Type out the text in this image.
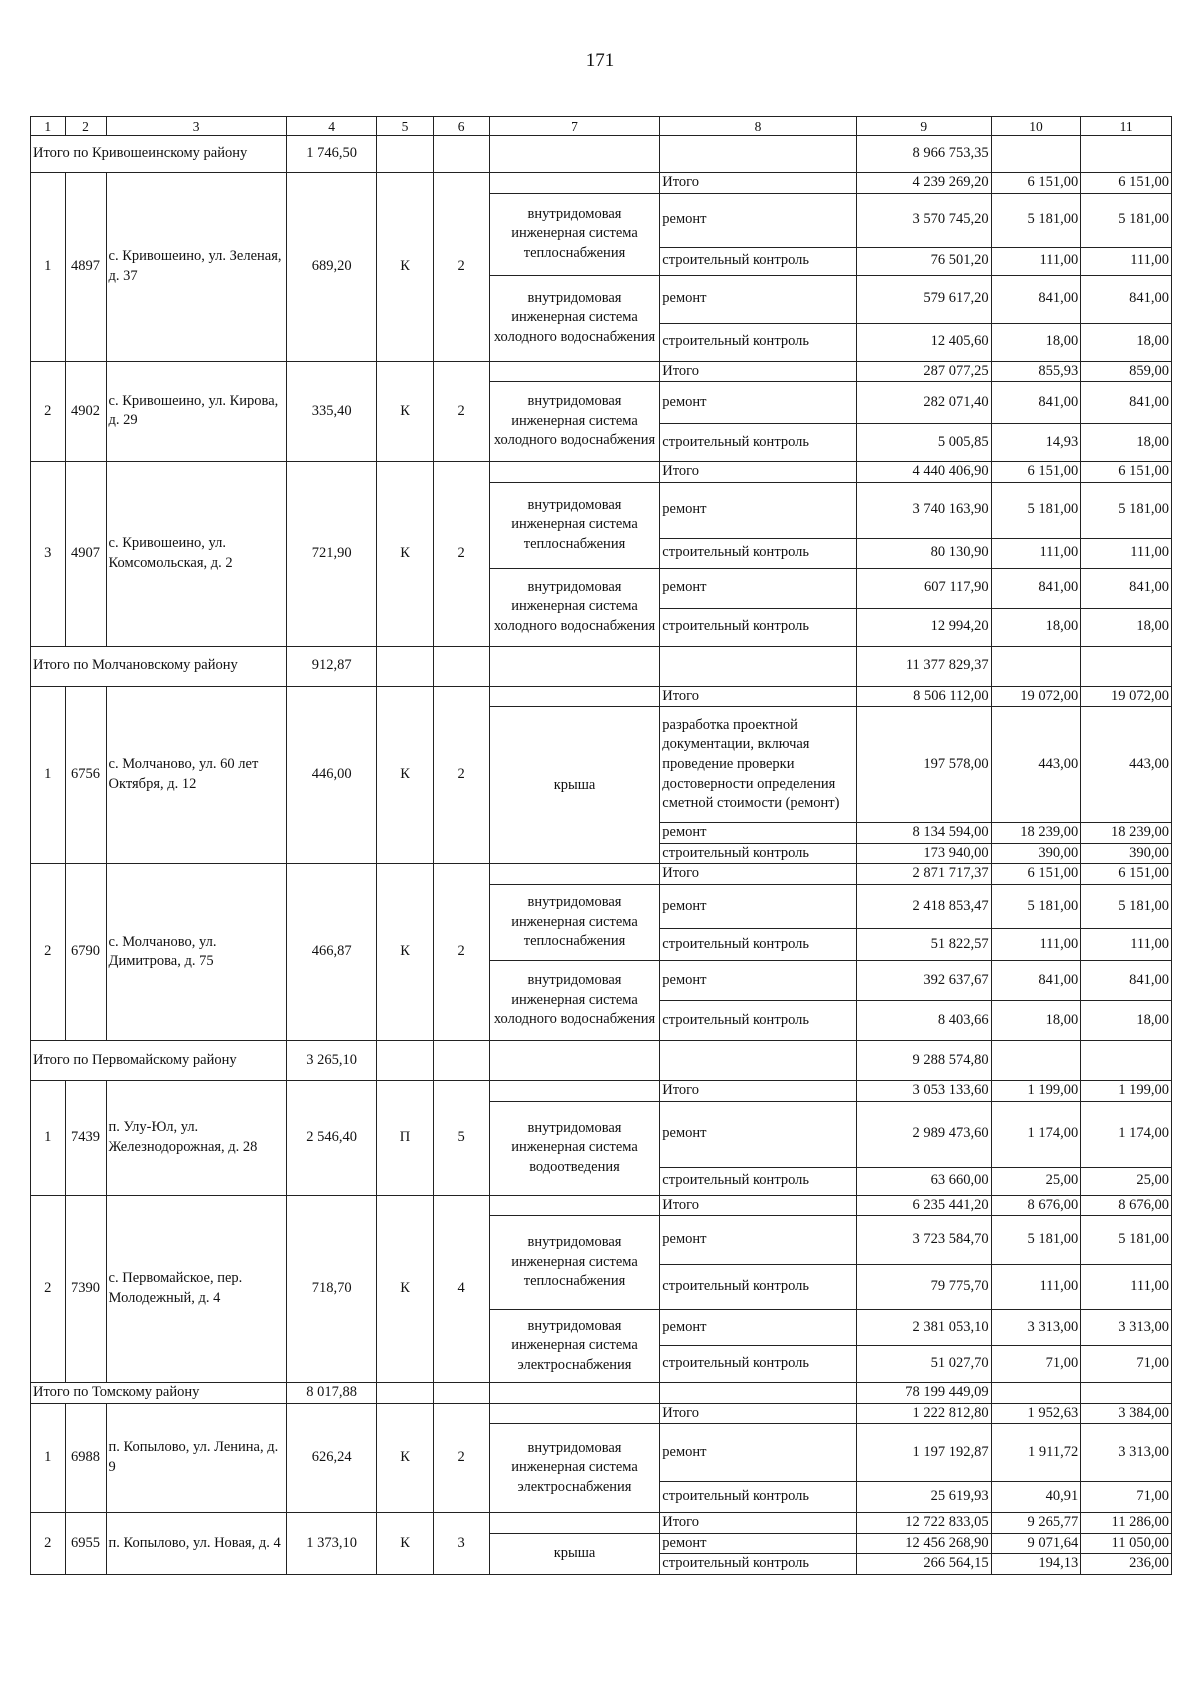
171
1	2	3	4	5	6	7	8	9	10	11
Итого по Кривошеинскому району			1 746,50					8 966 753,35		
1	4897	с. Кривошеино, ул. Зеленая, д. 37	689,20	К	2		Итого	4 239 269,20	6 151,00	6 151,00
						внутридомовая инженерная система теплоснабжения	ремонт	3 570 745,20	5 181,00	5 181,00
							строительный контроль	76 501,20	111,00	111,00
						внутридомовая инженерная система холодного водоснабжения	ремонт	579 617,20	841,00	841,00
							строительный контроль	12 405,60	18,00	18,00
2	4902	с. Кривошеино, ул. Кирова, д. 29	335,40	К	2		Итого	287 077,25	855,93	859,00
						внутридомовая инженерная система холодного водоснабжения	ремонт	282 071,40	841,00	841,00
							строительный контроль	5 005,85	14,93	18,00
3	4907	с. Кривошеино, ул. Комсомольская, д. 2	721,90	К	2		Итого	4 440 406,90	6 151,00	6 151,00
						внутридомовая инженерная система теплоснабжения	ремонт	3 740 163,90	5 181,00	5 181,00
							строительный контроль	80 130,90	111,00	111,00
						внутридомовая инженерная система холодного водоснабжения	ремонт	607 117,90	841,00	841,00
							строительный контроль	12 994,20	18,00	18,00
Итого по Молчановскому району			912,87					11 377 829,37		
1	6756	с. Молчаново, ул. 60 лет Октября, д. 12	446,00	К	2		Итого	8 506 112,00	19 072,00	19 072,00
						крыша	разработка проектной документации, включая проведение проверки достоверности определения сметной стоимости (ремонт)	197 578,00	443,00	443,00
							ремонт	8 134 594,00	18 239,00	18 239,00
							строительный контроль	173 940,00	390,00	390,00
2	6790	с. Молчаново, ул. Димитрова, д. 75	466,87	К	2		Итого	2 871 717,37	6 151,00	6 151,00
						внутридомовая инженерная система теплоснабжения	ремонт	2 418 853,47	5 181,00	5 181,00
							строительный контроль	51 822,57	111,00	111,00
						внутридомовая инженерная система холодного водоснабжения	ремонт	392 637,67	841,00	841,00
							строительный контроль	8 403,66	18,00	18,00
Итого по Первомайскому району			3 265,10					9 288 574,80		
1	7439	п. Улу-Юл, ул. Железнодорожная, д. 28	2 546,40	П	5		Итого	3 053 133,60	1 199,00	1 199,00
						внутридомовая инженерная система водоотведения	ремонт	2 989 473,60	1 174,00	1 174,00
							строительный контроль	63 660,00	25,00	25,00
2	7390	с. Первомайское, пер. Молодежный, д. 4	718,70	К	4		Итого	6 235 441,20	8 676,00	8 676,00
						внутридомовая инженерная система теплоснабжения	ремонт	3 723 584,70	5 181,00	5 181,00
							строительный контроль	79 775,70	111,00	111,00
						внутридомовая инженерная система электроснабжения	ремонт	2 381 053,10	3 313,00	3 313,00
							строительный контроль	51 027,70	71,00	71,00
Итого по Томскому району			8 017,88					78 199 449,09		
1	6988	п. Копылово, ул. Ленина, д. 9	626,24	К	2		Итого	1 222 812,80	1 952,63	3 384,00
						внутридомовая инженерная система электроснабжения	ремонт	1 197 192,87	1 911,72	3 313,00
							строительный контроль	25 619,93	40,91	71,00
2	6955	п. Копылово, ул. Новая, д. 4	1 373,10	К	3		Итого	12 722 833,05	9 265,77	11 286,00
						крыша	ремонт	12 456 268,90	9 071,64	11 050,00
							строительный контроль	266 564,15	194,13	236,00
